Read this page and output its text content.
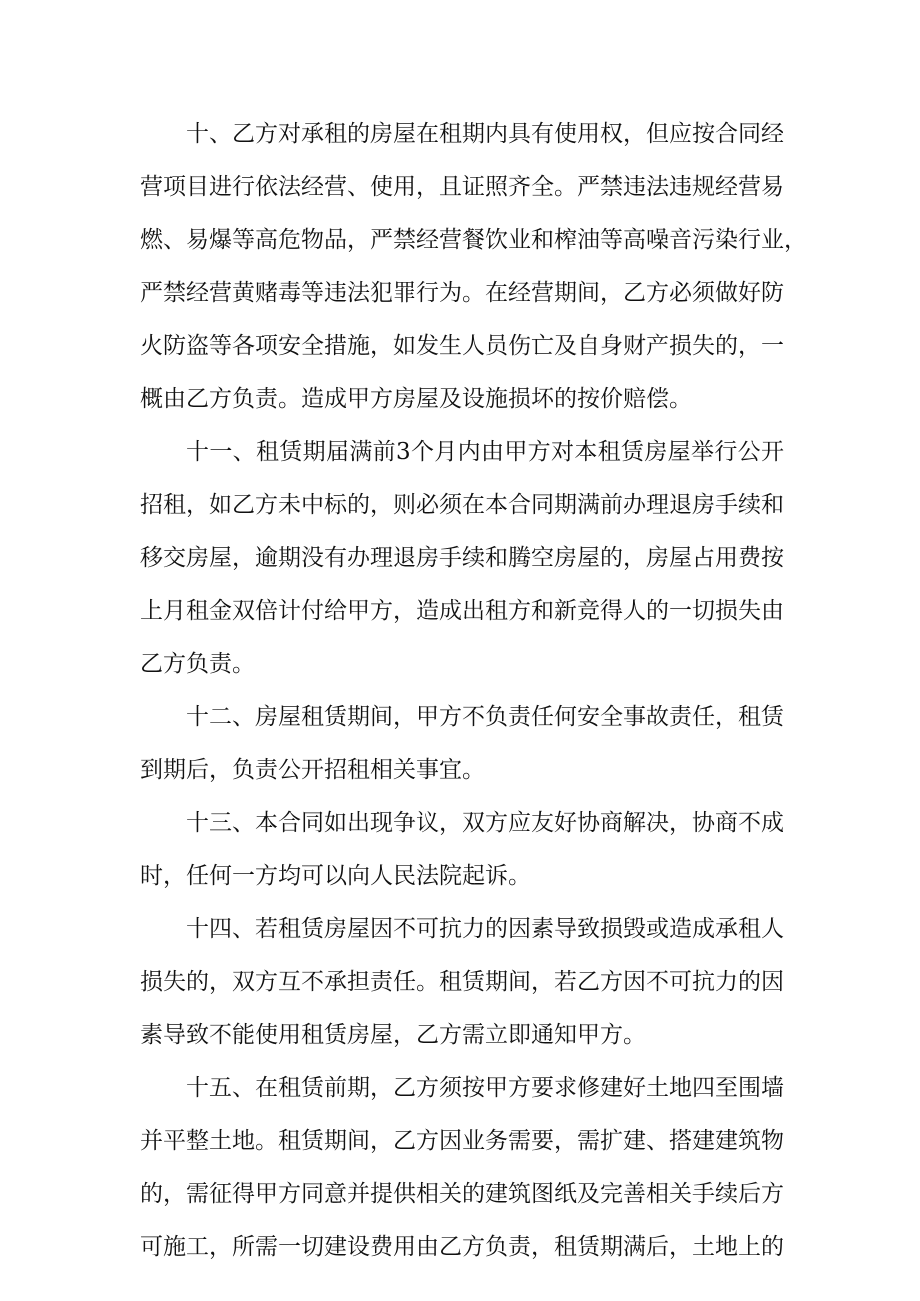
十、乙方对承租的房屋在租期内具有使用权，但应按合同经
营项目进行依法经营、使用，且证照齐全。严禁违法违规经营易
燃、易爆等高危物品，严禁经营餐饮业和榨油等高噪音污染行业，
严禁经营黄赌毒等违法犯罪行为。在经营期间，乙方必须做好防
火防盗等各项安全措施，如发生人员伤亡及自身财产损失的，一
概由乙方负责。造成甲方房屋及设施损坏的按价赔偿。
十一、租赁期届满前3个月内由甲方对本租赁房屋举行公开
招租，如乙方未中标的，则必须在本合同期满前办理退房手续和
移交房屋，逾期没有办理退房手续和腾空房屋的，房屋占用费按
上月租金双倍计付给甲方，造成出租方和新竞得人的一切损失由
乙方负责。
十二、房屋租赁期间，甲方不负责任何安全事故责任，租赁
到期后，负责公开招租相关事宜。
十三、本合同如出现争议，双方应友好协商解决，协商不成
时，任何一方均可以向人民法院起诉。
十四、若租赁房屋因不可抗力的因素导致损毁或造成承租人
损失的，双方互不承担责任。租赁期间，若乙方因不可抗力的因
素导致不能使用租赁房屋，乙方需立即通知甲方。
十五、在租赁前期，乙方须按甲方要求修建好土地四至围墙
并平整土地。租赁期间，乙方因业务需要，需扩建、搭建建筑物
的，需征得甲方同意并提供相关的建筑图纸及完善相关手续后方
可施工，所需一切建设费用由乙方负责，租赁期满后，土地上的
